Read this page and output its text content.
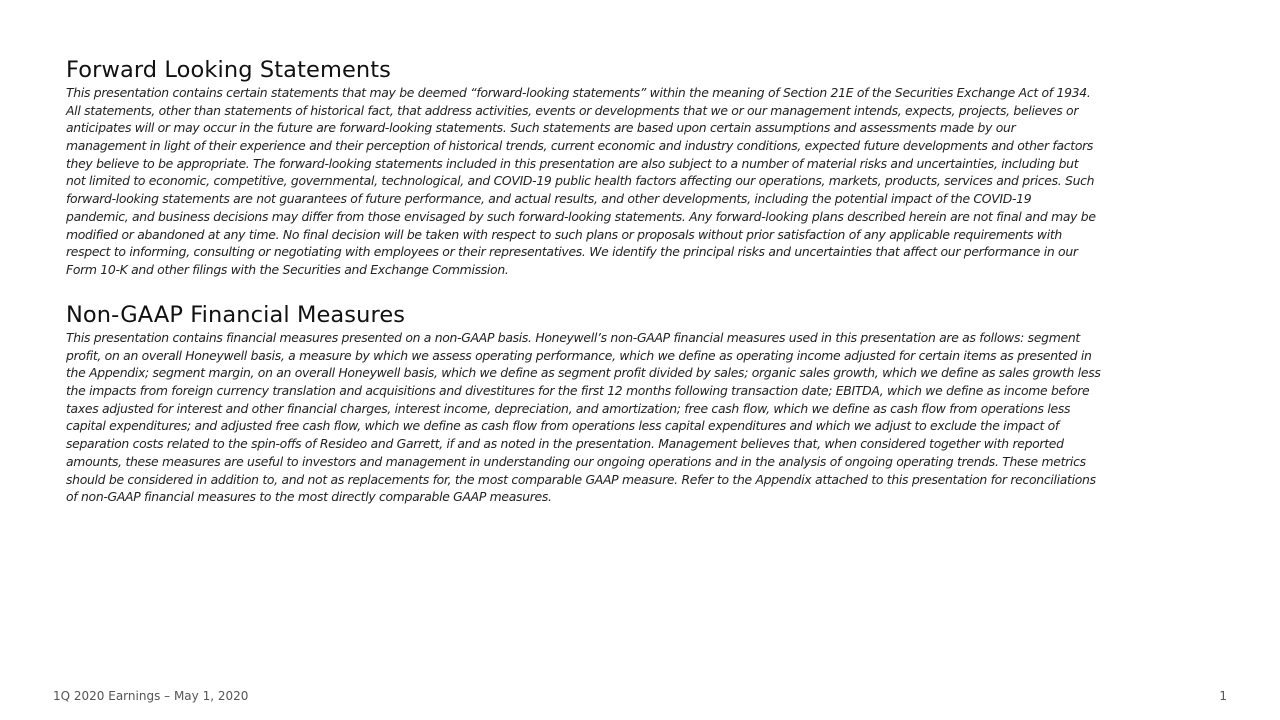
Forward Looking Statements
This presentation contains certain statements that may be deemed “forward-looking statements” within the meaning of Section 21E of the Securities Exchange Act of 1934.
All statements, other than statements of historical fact, that address activities, events or developments that we or our management intends, expects, projects, believes or
anticipates will or may occur in the future are forward-looking statements. Such statements are based upon certain assumptions and assessments made by our
management in light of their experience and their perception of historical trends, current economic and industry conditions, expected future developments and other factors
they believe to be appropriate. The forward-looking statements included in this presentation are also subject to a number of material risks and uncertainties, including but
not limited to economic, competitive, governmental, technological, and COVID-19 public health factors affecting our operations, markets, products, services and prices. Such
forward-looking statements are not guarantees of future performance, and actual results, and other developments, including the potential impact of the COVID-19
pandemic, and business decisions may differ from those envisaged by such forward-looking statements. Any forward-looking plans described herein are not final and may be
modified or abandoned at any time. No final decision will be taken with respect to such plans or proposals without prior satisfaction of any applicable requirements with
respect to informing, consulting or negotiating with employees or their representatives. We identify the principal risks and uncertainties that affect our performance in our
Form 10-K and other filings with the Securities and Exchange Commission.
Non-GAAP Financial Measures
This presentation contains financial measures presented on a non-GAAP basis. Honeywell’s non-GAAP financial measures used in this presentation are as follows: segment
profit, on an overall Honeywell basis, a measure by which we assess operating performance, which we define as operating income adjusted for certain items as presented in
the Appendix; segment margin, on an overall Honeywell basis, which we define as segment profit divided by sales; organic sales growth, which we define as sales growth less
the impacts from foreign currency translation and acquisitions and divestitures for the first 12 months following transaction date; EBITDA, which we define as income before
taxes adjusted for interest and other financial charges, interest income, depreciation, and amortization; free cash flow, which we define as cash flow from operations less
capital expenditures; and adjusted free cash flow, which we define as cash flow from operations less capital expenditures and which we adjust to exclude the impact of
separation costs related to the spin-offs of Resideo and Garrett, if and as noted in the presentation. Management believes that, when considered together with reported
amounts, these measures are useful to investors and management in understanding our ongoing operations and in the analysis of ongoing operating trends. These metrics
should be considered in addition to, and not as replacements for, the most comparable GAAP measure. Refer to the Appendix attached to this presentation for reconciliations
of non-GAAP financial measures to the most directly comparable GAAP measures.
1Q 2020 Earnings – May 1, 2020	1
